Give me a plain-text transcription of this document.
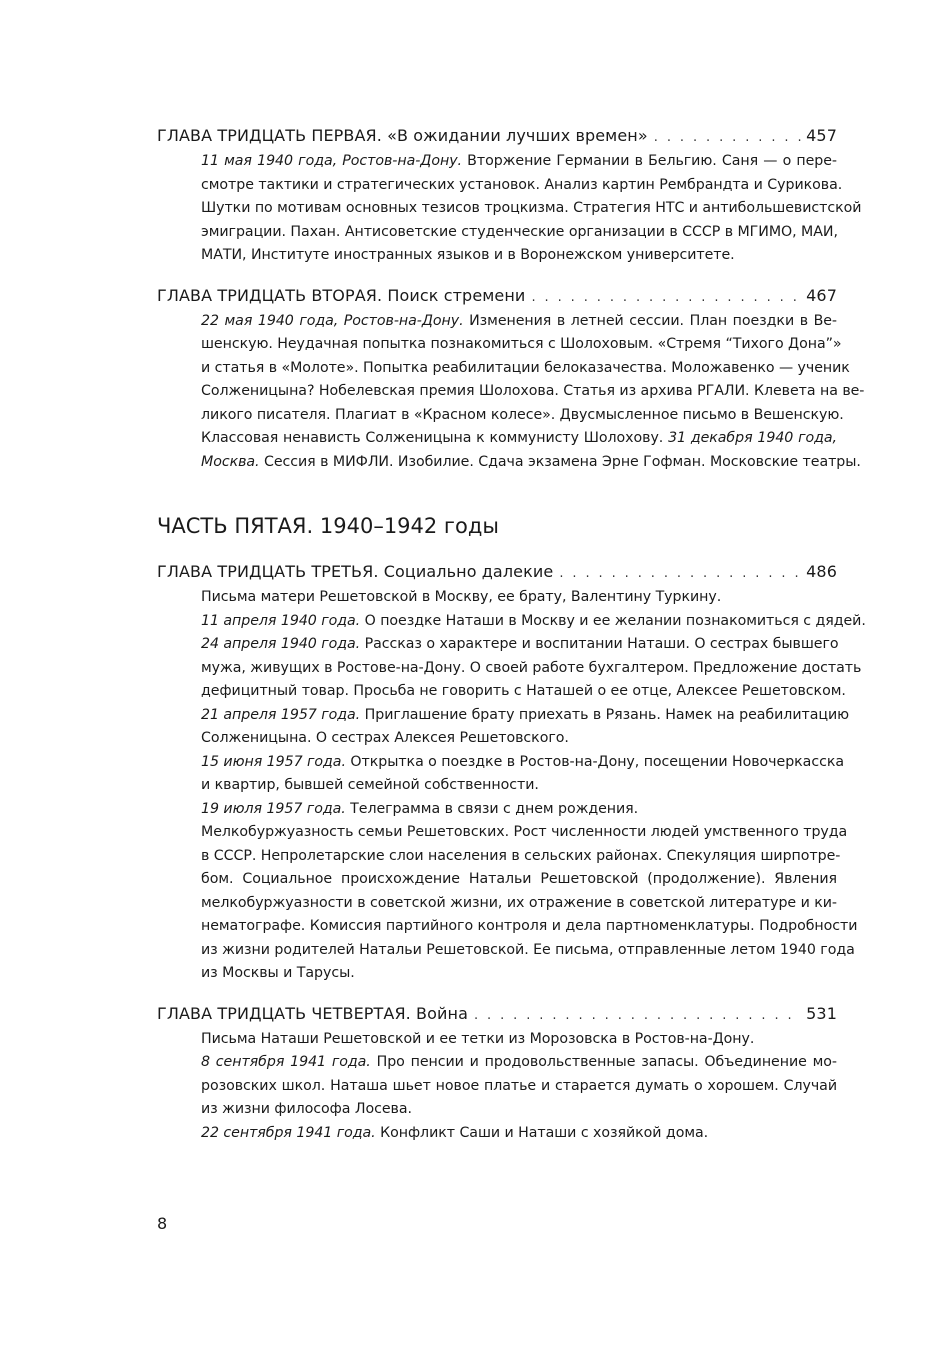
ГЛАВА ТРИДЦАТЬ ПЕРВАЯ. «В ожидании лучших времен» . . .	457
11 мая 1940 года, Ростов-на-Дону. Вторжение Германии в Бельгию. Саня — о пере-
смотре тактики и стратегических установок. Анализ картин Рембрандта и Сурикова.
Шутки по мотивам основных тезисов троцкизма. Стратегия НТС и антибольшевистской
эмиграции. Пахан. Антисоветские студенческие организации в СССР в МГИМО, МАИ,
МАТИ, Институте иностранных языков и в Воронежском университете.
ГЛАВА ТРИДЦАТЬ ВТОРАЯ. Поиск стремени . . .	467
22 мая 1940 года, Ростов-на-Дону. Изменения в летней сессии. План поездки в Ве-
шенскую. Неудачная попытка познакомиться с Шолоховым. «Стремя “Тихого Дона”»
и статья в «Молоте». Попытка реабилитации белоказачества. Моложавенко — ученик
Солженицына? Нобелевская премия Шолохова. Статья из архива РГАЛИ. Клевета на ве-
ликого писателя. Плагиат в «Красном колесе». Двусмысленное письмо в Вешенскую.
Классовая ненависть Солженицына к коммунисту Шолохову. 31 декабря 1940 года,
Москва. Сессия в МИФЛИ. Изобилие. Сдача экзамена Эрне Гофман. Московские театры.

ЧАСТЬ ПЯТАЯ. 1940–1942 годы

ГЛАВА ТРИДЦАТЬ ТРЕТЬЯ. Социально далекие . . .	486
Письма матери Решетовской в Москву, ее брату, Валентину Туркину.
11 апреля 1940 года. О поездке Наташи в Москву и ее желании познакомиться с дядей.
24 апреля 1940 года. Рассказ о характере и воспитании Наташи. О сестрах бывшего
мужа, живущих в Ростове-на-Дону. О своей работе бухгалтером. Предложение достать
дефицитный товар. Просьба не говорить с Наташей о ее отце, Алексее Решетовском.
21 апреля 1957 года. Приглашение брату приехать в Рязань. Намек на реабилитацию
Солженицына. О сестрах Алексея Решетовского.
15 июня 1957 года. Открытка о поездке в Ростов-на-Дону, посещении Новочеркасска
и квартир, бывшей семейной собственности.
19 июля 1957 года. Телеграмма в связи с днем рождения.
Мелкобуржуазность семьи Решетовских. Рост численности людей умственного труда
в СССР. Непролетарские слои населения в сельских районах. Спекуляция ширпотре-
бом. Социальное происхождение Натальи Решетовской (продолжение). Явления
мелкобуржуазности в советской жизни, их отражение в советской литературе и ки-
нематографе. Комиссия партийного контроля и дела партноменклатуры. Подробности
из жизни родителей Натальи Решетовской. Ее письма, отправленные летом 1940 года
из Москвы и Тарусы.
ГЛАВА ТРИДЦАТЬ ЧЕТВЕРТАЯ. Война . . .	531
Письма Наташи Решетовской и ее тетки из Морозовска в Ростов-на-Дону.
8 сентября 1941 года. Про пенсии и продовольственные запасы. Объединение мо-
розовских школ. Наташа шьет новое платье и старается думать о хорошем. Случай
из жизни философа Лосева.
22 сентября 1941 года. Конфликт Саши и Наташи с хозяйкой дома.
8
